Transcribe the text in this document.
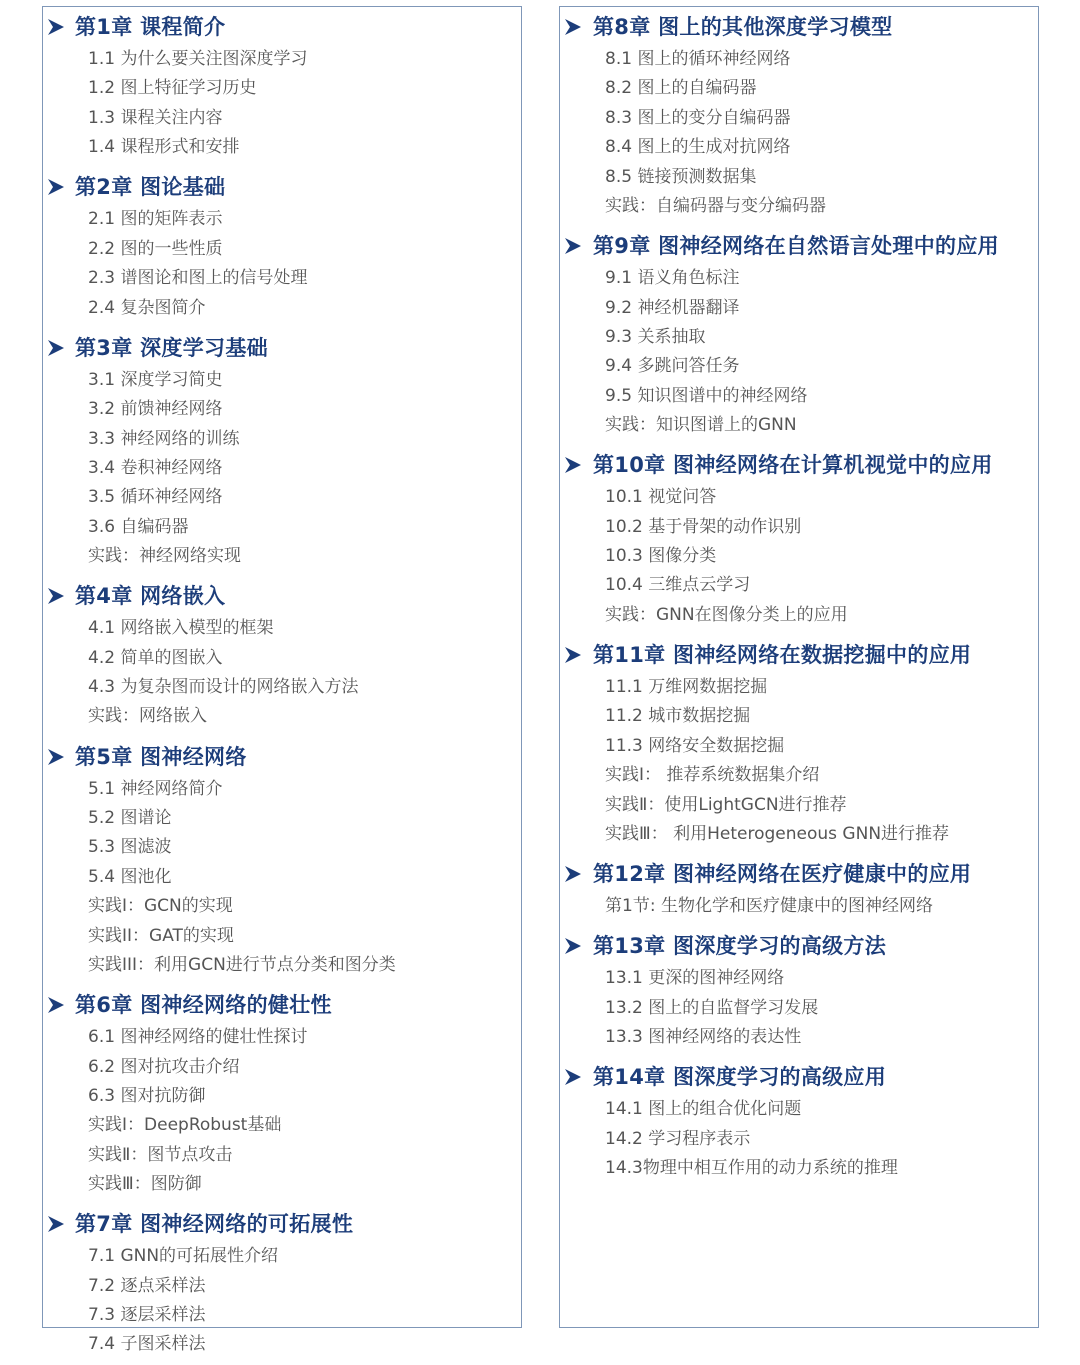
第1章 课程简介
1.1 为什么要关注图深度学习
1.2 图上特征学习历史
1.3 课程关注内容
1.4 课程形式和安排
第2章 图论基础
2.1 图的矩阵表示
2.2 图的一些性质
2.3 谱图论和图上的信号处理
2.4 复杂图简介
第3章 深度学习基础
3.1 深度学习简史
3.2 前馈神经网络
3.3 神经网络的训练
3.4 卷积神经网络
3.5 循环神经网络
3.6 自编码器
实践：神经网络实现
第4章 网络嵌入
4.1 网络嵌入模型的框架
4.2 简单的图嵌入
4.3 为复杂图而设计的网络嵌入方法
实践：网络嵌入
第5章 图神经网络
5.1 神经网络简介
5.2 图谱论
5.3 图滤波
5.4 图池化
实践I：GCN的实现
实践II：GAT的实现
实践III：利用GCN进行节点分类和图分类
第6章 图神经网络的健壮性
6.1 图神经网络的健壮性探讨
6.2 图对抗攻击介绍
6.3 图对抗防御
实践Ⅰ：DeepRobust基础
实践Ⅱ：图节点攻击
实践Ⅲ：图防御
第7章 图神经网络的可拓展性
7.1 GNN的可拓展性介绍
7.2 逐点采样法
7.3 逐层采样法
7.4 子图采样法
第8章 图上的其他深度学习模型
8.1 图上的循环神经网络
8.2 图上的自编码器
8.3 图上的变分自编码器
8.4 图上的生成对抗网络
8.5 链接预测数据集
实践：自编码器与变分编码器
第9章 图神经网络在自然语言处理中的应用
9.1 语义角色标注
9.2 神经机器翻译
9.3 关系抽取
9.4 多跳问答任务
9.5 知识图谱中的神经网络
实践：知识图谱上的GNN
第10章 图神经网络在计算机视觉中的应用
10.1 视觉问答
10.2 基于骨架的动作识别
10.3 图像分类
10.4 三维点云学习
实践：GNN在图像分类上的应用
第11章 图神经网络在数据挖掘中的应用
11.1 万维网数据挖掘
11.2 城市数据挖掘
11.3 网络安全数据挖掘
实践Ⅰ： 推荐系统数据集介绍
实践Ⅱ：使用LightGCN进行推荐
实践Ⅲ： 利用Heterogeneous GNN进行推荐
第12章 图神经网络在医疗健康中的应用
第1节: 生物化学和医疗健康中的图神经网络
第13章 图深度学习的高级方法
13.1 更深的图神经网络
13.2 图上的自监督学习发展
13.3 图神经网络的表达性
第14章 图深度学习的高级应用
14.1 图上的组合优化问题
14.2 学习程序表示
14.3物理中相互作用的动力系统的推理
